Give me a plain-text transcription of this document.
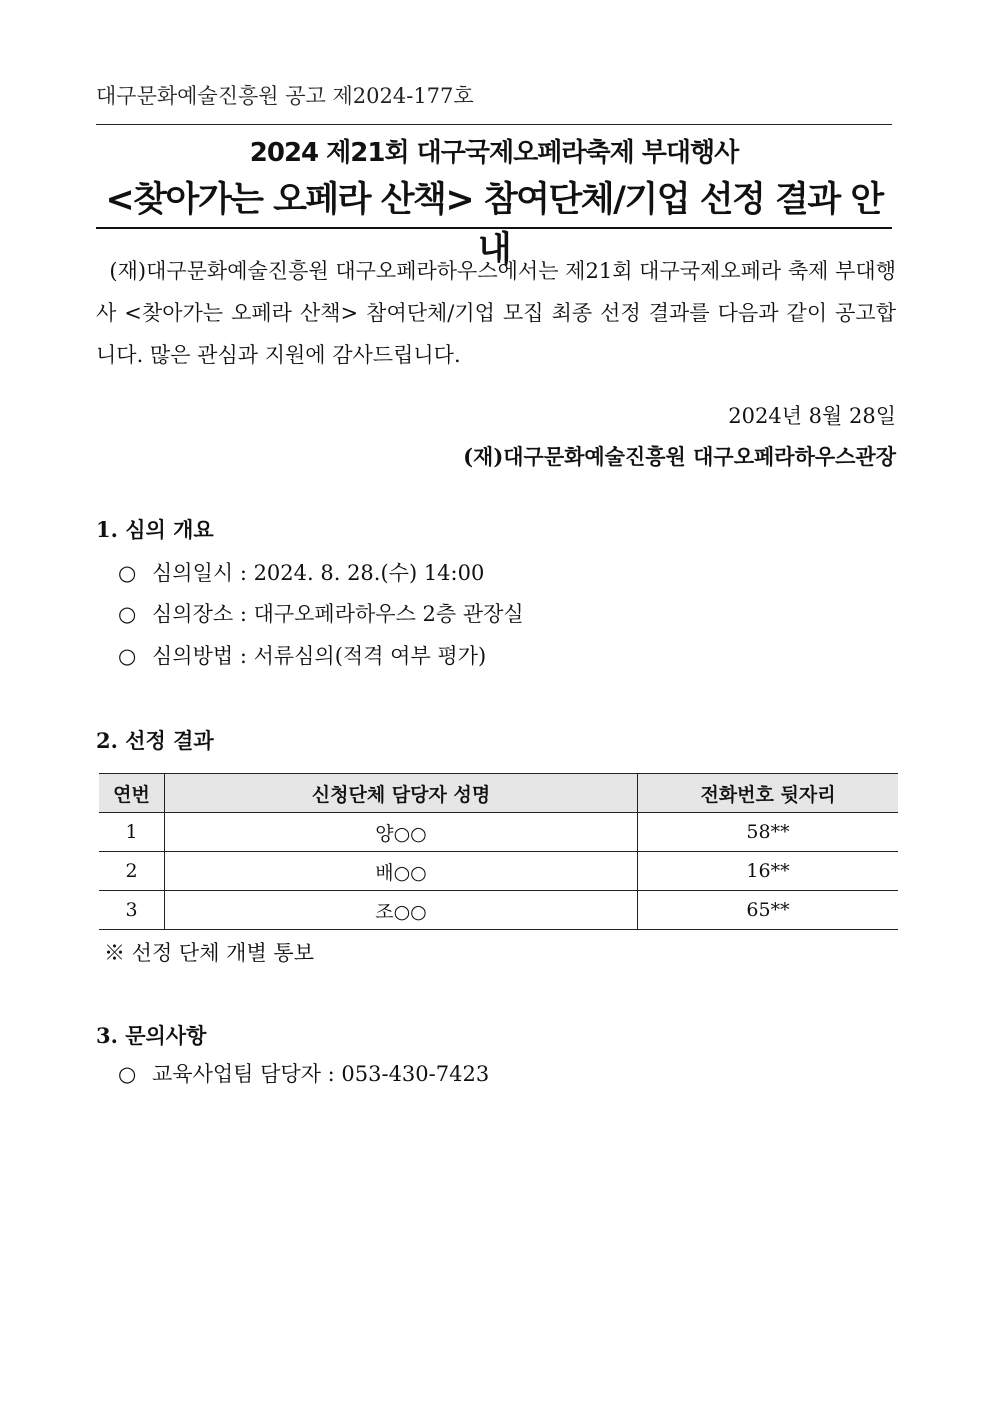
대구문화예술진흥원 공고 제2024-177호
2024 제21회 대구국제오페라축제 부대행사
<찾아가는 오페라 산책> 참여단체/기업 선정 결과 안내
(재)대구문화예술진흥원 대구오페라하우스에서는 제21회 대구국제오페라 축제 부대행사 <찾아가는 오페라 산책> 참여단체/기업 모집 최종 선정 결과를 다음과 같이 공고합니다. 많은 관심과 지원에 감사드립니다.
2024년 8월 28일
(재)대구문화예술진흥원 대구오페라하우스관장
1. 심의 개요
○ 심의일시 : 2024. 8. 28.(수) 14:00
○ 심의장소 : 대구오페라하우스 2층 관장실
○ 심의방법 : 서류심의(적격 여부 평가)
2. 선정 결과
연번	신청단체 담당자 성명	전화번호 뒷자리
1	양○○	58**
2	배○○	16**
3	조○○	65**
※ 선정 단체 개별 통보
3. 문의사항
○ 교육사업팀 담당자 : 053-430-7423
